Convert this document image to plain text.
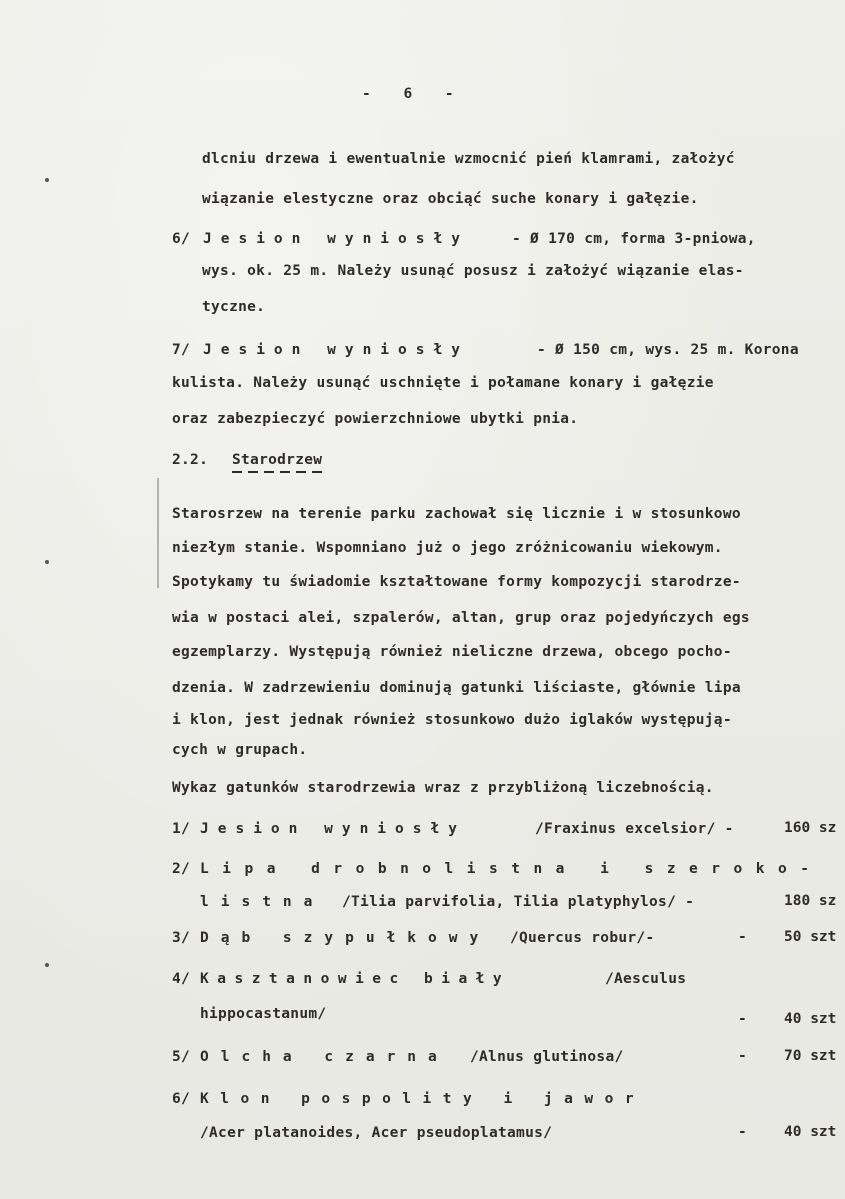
- 6 -
dlcniu drzewa i ewentualnie wzmocnić pień klamrami, założyć
wiązanie elestyczne oraz obciąć suche konary i gałęzie.
6/ Jesion wyniosły	- Ø 170 cm, forma 3-pniowa,
wys. ok. 25 m. Należy usunąć posusz i założyć wiązanie elas-
tyczne.
7/ Jesion wyniosły	- Ø 150 cm, wys. 25 m. Korona
kulista. Należy usunąć uschnięte i połamane konary i gałęzie
oraz zabezpieczyć powierzchniowe ubytki pnia.
2.2. Starodrzew
Starosrzew na terenie parku zachował się licznie i w stosunkowo
niezłym stanie. Wspomniano już o jego zróżnicowaniu wiekowym.
Spotykamy tu świadomie kształtowane formy kompozycji starodrze-
wia w postaci alei, szpalerów, altan, grup oraz pojedyńczych egs
egzemplarzy. Występują również nieliczne drzewa, obcego pocho-
dzenia. W zadrzewieniu dominują gatunki liściaste, głównie lipa
i klon, jest jednak również stosunkowo dużo iglaków występują-
cych w grupach.
Wykaz gatunków starodrzewia wraz z przybliżoną liczebnością.
1/ Jesion wyniosły	/Fraxinus excelsior/ -	160 sz
2/ Lipa drobnolistna i szeroko-
listna /Tilia parvifolia, Tilia platyphylos/ -	180 sz
3/ Dąb szypułkowy /Quercus robur/-	-	50 szt
4/ Kasztanowiec biały	/Aesculus
hippocastanum/	-	40 szt
5/ Olcha czarna /Alnus glutinosa/	-	70 szt
6/ Klon pospolity i jawor
/Acer platanoides, Acer pseudoplatamus/	-	40 szt
